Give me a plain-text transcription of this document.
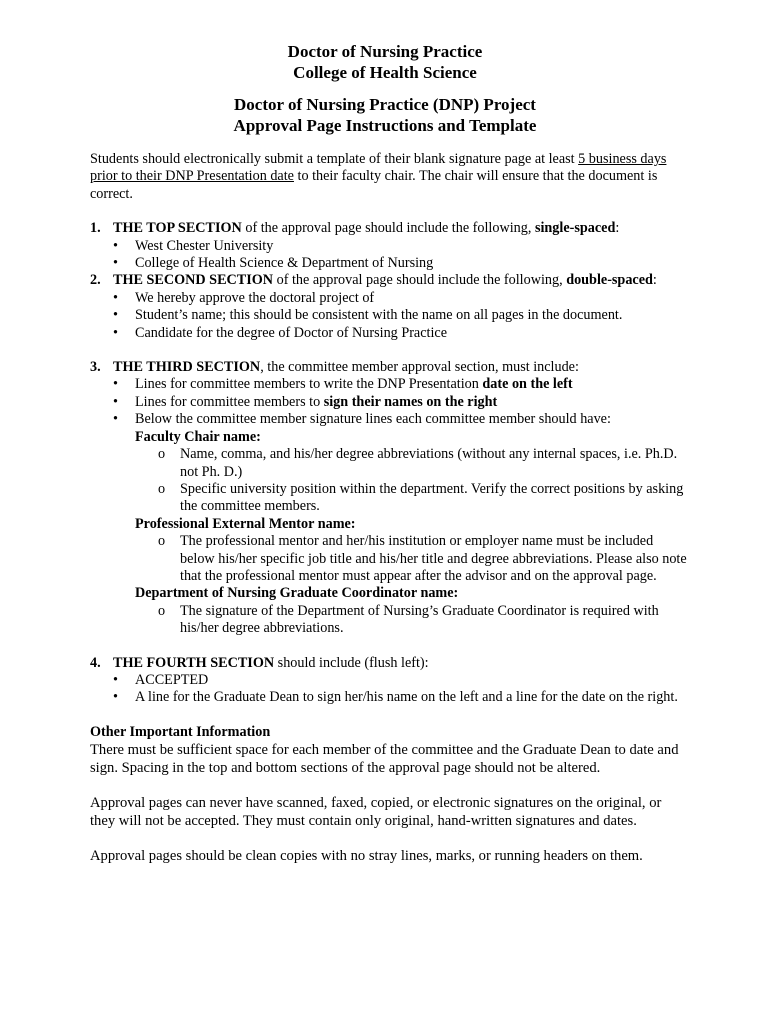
Doctor of Nursing Practice
College of Health Science
Doctor of Nursing Practice (DNP) Project
Approval Page Instructions and Template

Students should electronically submit a template of their blank signature page at least 5 business days prior to their DNP Presentation date to their faculty chair. The chair will ensure that the document is correct.

1. THE TOP SECTION of the approval page should include the following, single-spaced:
• West Chester University
• College of Health Science & Department of Nursing
2. THE SECOND SECTION of the approval page should include the following, double-spaced:
• We hereby approve the doctoral project of
• Student’s name; this should be consistent with the name on all pages in the document.
• Candidate for the degree of Doctor of Nursing Practice
3. THE THIRD SECTION, the committee member approval section, must include:
• Lines for committee members to write the DNP Presentation date on the left
• Lines for committee members to sign their names on the right
• Below the committee member signature lines each committee member should have:
Faculty Chair name:
o Name, comma, and his/her degree abbreviations (without any internal spaces, i.e. Ph.D. not Ph. D.)
o Specific university position within the department. Verify the correct positions by asking the committee members.
Professional External Mentor name:
o The professional mentor and her/his institution or employer name must be included below his/her specific job title and his/her title and degree abbreviations. Please also note that the professional mentor must appear after the advisor and on the approval page.
Department of Nursing Graduate Coordinator name:
o The signature of the Department of Nursing’s Graduate Coordinator is required with his/her degree abbreviations.
4. THE FOURTH SECTION should include (flush left):
• ACCEPTED
• A line for the Graduate Dean to sign her/his name on the left and a line for the date on the right.
Other Important Information

There must be sufficient space for each member of the committee and the Graduate Dean to date and sign. Spacing in the top and bottom sections of the approval page should not be altered.

Approval pages can never have scanned, faxed, copied, or electronic signatures on the original, or they will not be accepted. They must contain only original, hand-written signatures and dates.

Approval pages should be clean copies with no stray lines, marks, or running headers on them.
